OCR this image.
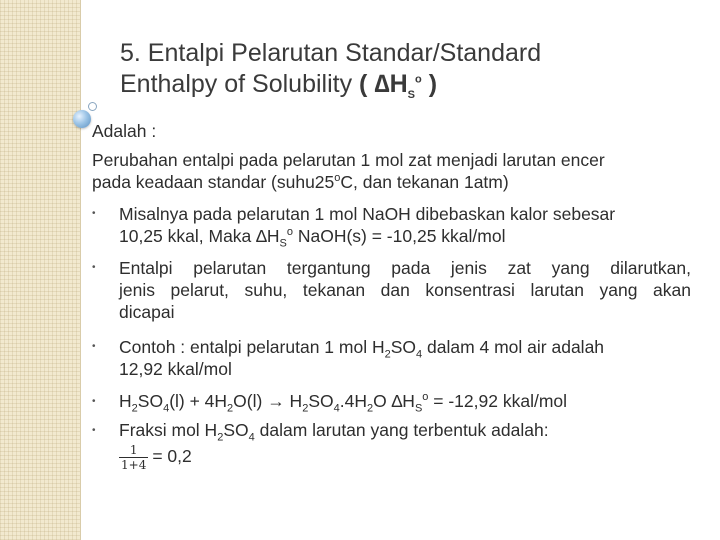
5. Entalpi Pelarutan Standar/Standard
Enthalpy of Solubility ( $\Delta H_S^o$ )
Adalah :
Perubahan entalpi pada pelarutan 1 mol zat menjadi larutan encer
pada keadaan standar (suhu25$^o$C, dan tekanan 1atm)
• Misalnya pada pelarutan 1 mol NaOH dibebaskan kalor sebesar
10,25 kkal, Maka $\Delta H_S^o$ NaOH(s) = -10,25 kkal/mol
• Entalpi pelarutan tergantung pada jenis zat yang dilarutkan,
jenis pelarut, suhu, tekanan dan konsentrasi larutan yang akan
dicapai
• Contoh : entalpi pelarutan 1 mol $H_2SO_4$ dalam 4 mol air adalah
12,92 kkal/mol
• $H_2SO_4(l) + 4H_2O(l) \to H_2SO_4.4H_2O$ $\Delta H_S^o = -12,92$ kkal/mol
• Fraksi mol $H_2SO_4$ dalam larutan yang terbentuk adalah:
$\frac{1}{1+4} = 0,2$
